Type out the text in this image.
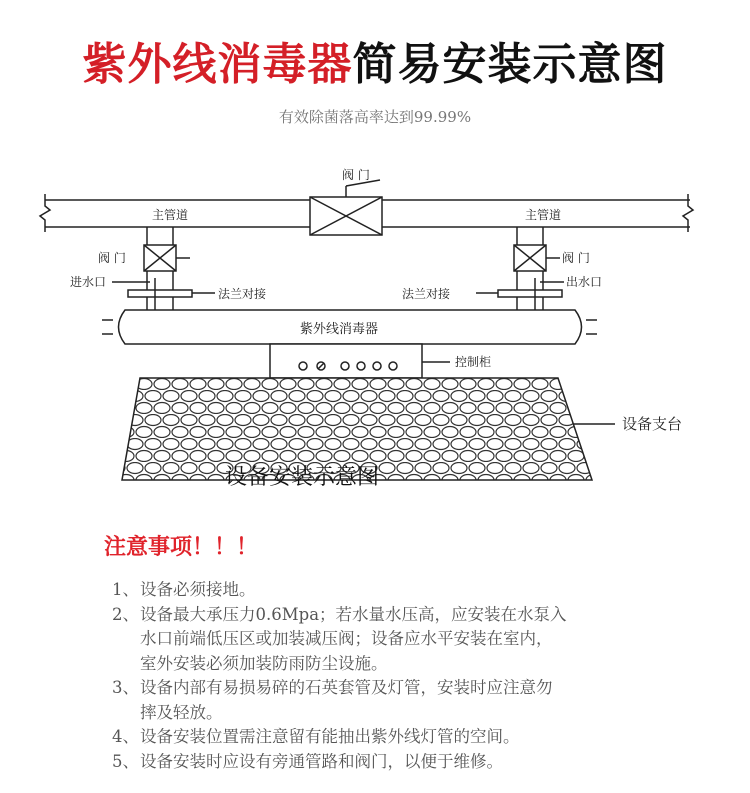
紫外线消毒器简易安装示意图
有效除菌落高率达到99.99%
阀 门
主管道	主管道
阀 门	阀 门
进水口	出水口
法兰对接	法兰对接
紫外线消毒器
控制柜
设备支台
设备安装示意图
注意事项！！！
1、 设备必须接地。
2、 设备最大承压力0.6Mpa；若水量水压高，应安装在水泵入
水口前端低压区或加装减压阀；设备应水平安装在室内，
室外安装必须加装防雨防尘设施。
3、 设备内部有易损易碎的石英套管及灯管，安装时应注意勿
摔及轻放。
4、 设备安装位置需注意留有能抽出紫外线灯管的空间。
5、 设备安装时应设有旁通管路和阀门，以便于维修。
